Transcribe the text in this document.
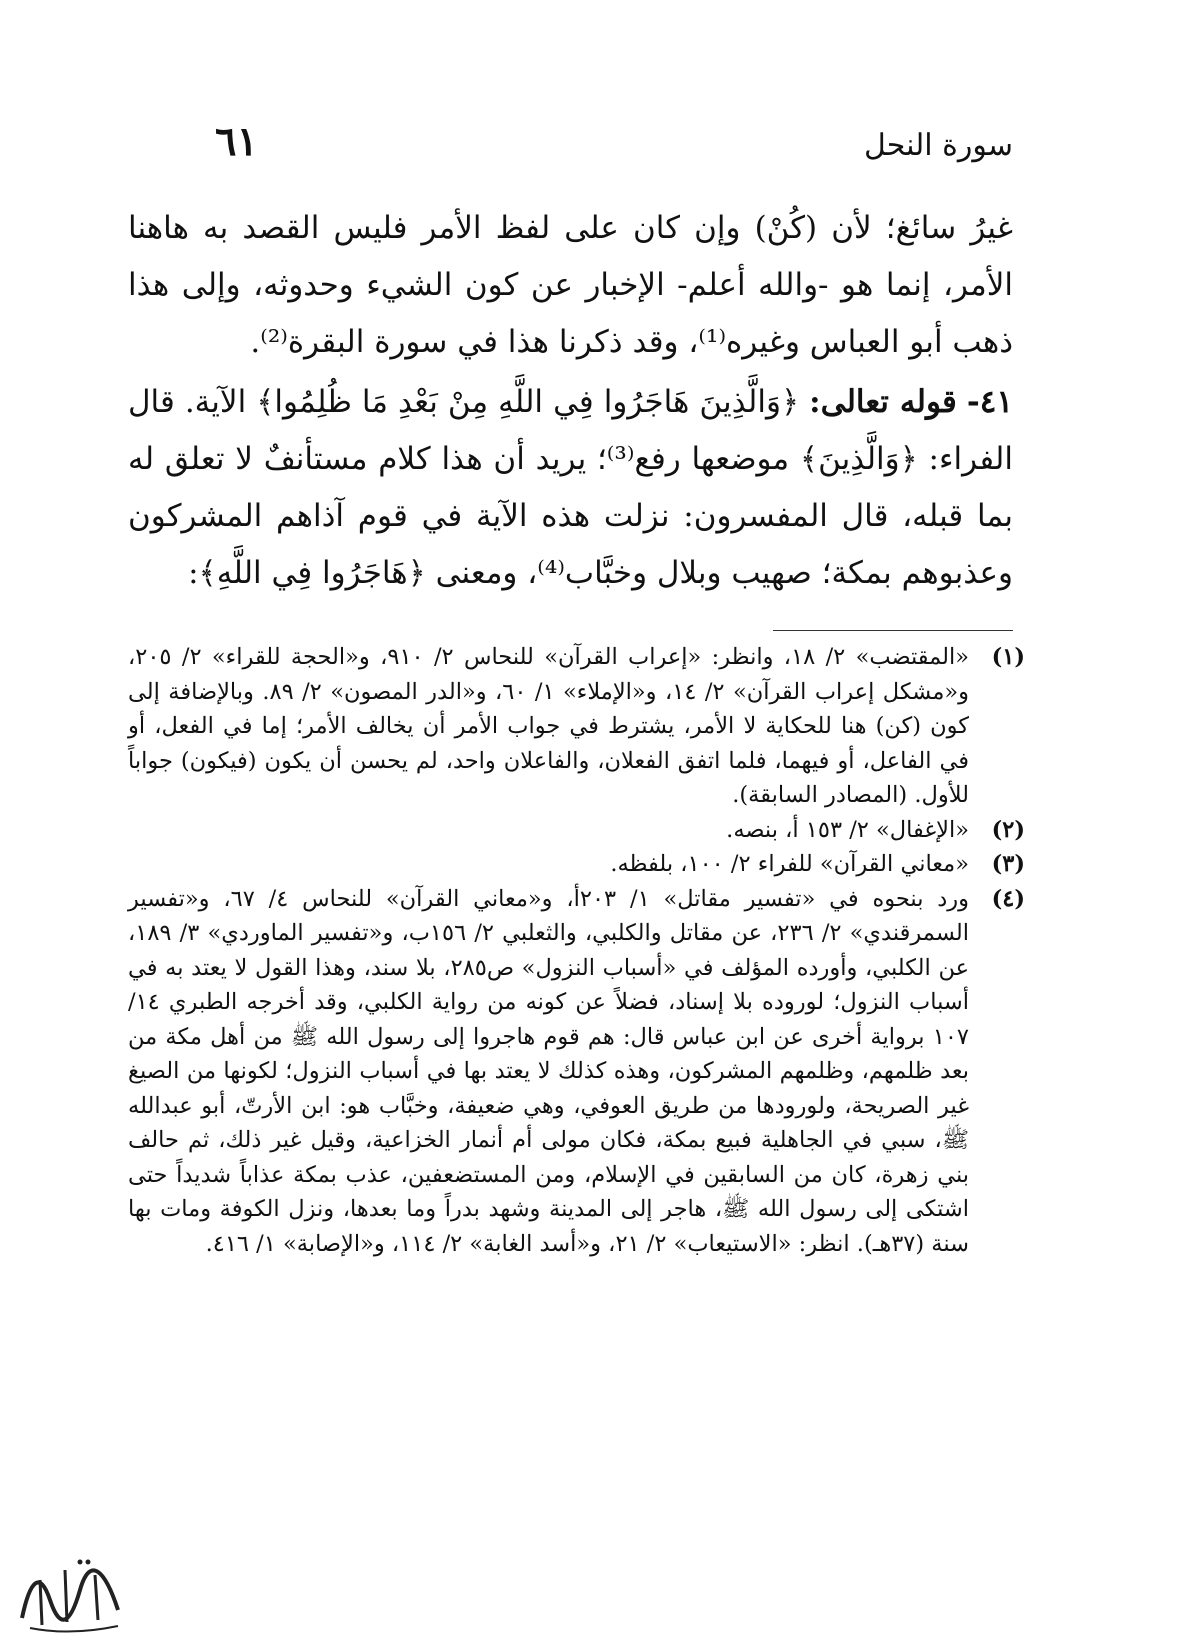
سورة النحل
٦١

غيرُ سائغ؛ لأن (كُنْ) وإن كان على لفظ الأمر فليس القصد به هاهنا الأمر، إنما هو -والله أعلم- الإخبار عن كون الشيء وحدوثه، وإلى هذا ذهب أبو العباس وغيره⁽¹⁾، وقد ذكرنا هذا في سورة البقرة⁽²⁾.

٤١- قوله تعالى: ﴿وَالَّذِينَ هَاجَرُوا فِي اللَّهِ مِنْ بَعْدِ مَا ظُلِمُوا﴾ الآية. قال الفراء: ﴿وَالَّذِينَ﴾ موضعها رفع⁽³⁾؛ يريد أن هذا كلام مستأنفٌ لا تعلق له بما قبله، قال المفسرون: نزلت هذه الآية في قوم آذاهم المشركون وعذبوهم بمكة؛ صهيب وبلال وخبَّاب⁽⁴⁾، ومعنى ﴿هَاجَرُوا فِي اللَّهِ﴾:

(١)
«المقتضب» ٢/ ١٨، وانظر: «إعراب القرآن» للنحاس ٢/ ٩١٠، و«الحجة للقراء» ٢/ ٢٠٥، و«مشكل إعراب القرآن» ٢/ ١٤، و«الإملاء» ١/ ٦٠، و«الدر المصون» ٢/ ٨٩. وبالإضافة إلى كون (كن) هنا للحكاية لا الأمر، يشترط في جواب الأمر أن يخالف الأمر؛ إما في الفعل، أو في الفاعل، أو فيهما، فلما اتفق الفعلان، والفاعلان واحد، لم يحسن أن يكون (فيكون) جواباً للأول. (المصادر السابقة).

(٢)
«الإغفال» ٢/ ١٥٣ أ، بنصه.

(٣)
«معاني القرآن» للفراء ٢/ ١٠٠، بلفظه.

(٤)
ورد بنحوه في «تفسير مقاتل» ١/ ٢٠٣أ، و«معاني القرآن» للنحاس ٤/ ٦٧، و«تفسير السمرقندي» ٢/ ٢٣٦، عن مقاتل والكلبي، والثعلبي ٢/ ١٥٦ب، و«تفسير الماوردي» ٣/ ١٨٩، عن الكلبي، وأورده المؤلف في «أسباب النزول» ص٢٨٥، بلا سند، وهذا القول لا يعتد به في أسباب النزول؛ لوروده بلا إسناد، فضلاً عن كونه من رواية الكلبي، وقد أخرجه الطبري ١٤/ ١٠٧ برواية أخرى عن ابن عباس قال: هم قوم هاجروا إلى رسول الله ﷺ من أهل مكة من بعد ظلمهم، وظلمهم المشركون، وهذه كذلك لا يعتد بها في أسباب النزول؛ لكونها من الصيغ غير الصريحة، ولورودها من طريق العوفي، وهي ضعيفة، وخبَّاب هو: ابن الأرتّ، أبو عبدالله ﷺ، سبي في الجاهلية فبيع بمكة، فكان مولى أم أنمار الخزاعية، وقيل غير ذلك، ثم حالف بني زهرة، كان من السابقين في الإسلام، ومن المستضعفين، عذب بمكة عذاباً شديداً حتى اشتكى إلى رسول الله ﷺ، هاجر إلى المدينة وشهد بدراً وما بعدها، ونزل الكوفة ومات بها سنة (٣٧هـ). انظر: «الاستيعاب» ٢/ ٢١، و«أسد الغابة» ٢/ ١١٤، و«الإصابة» ١/ ٤١٦.
